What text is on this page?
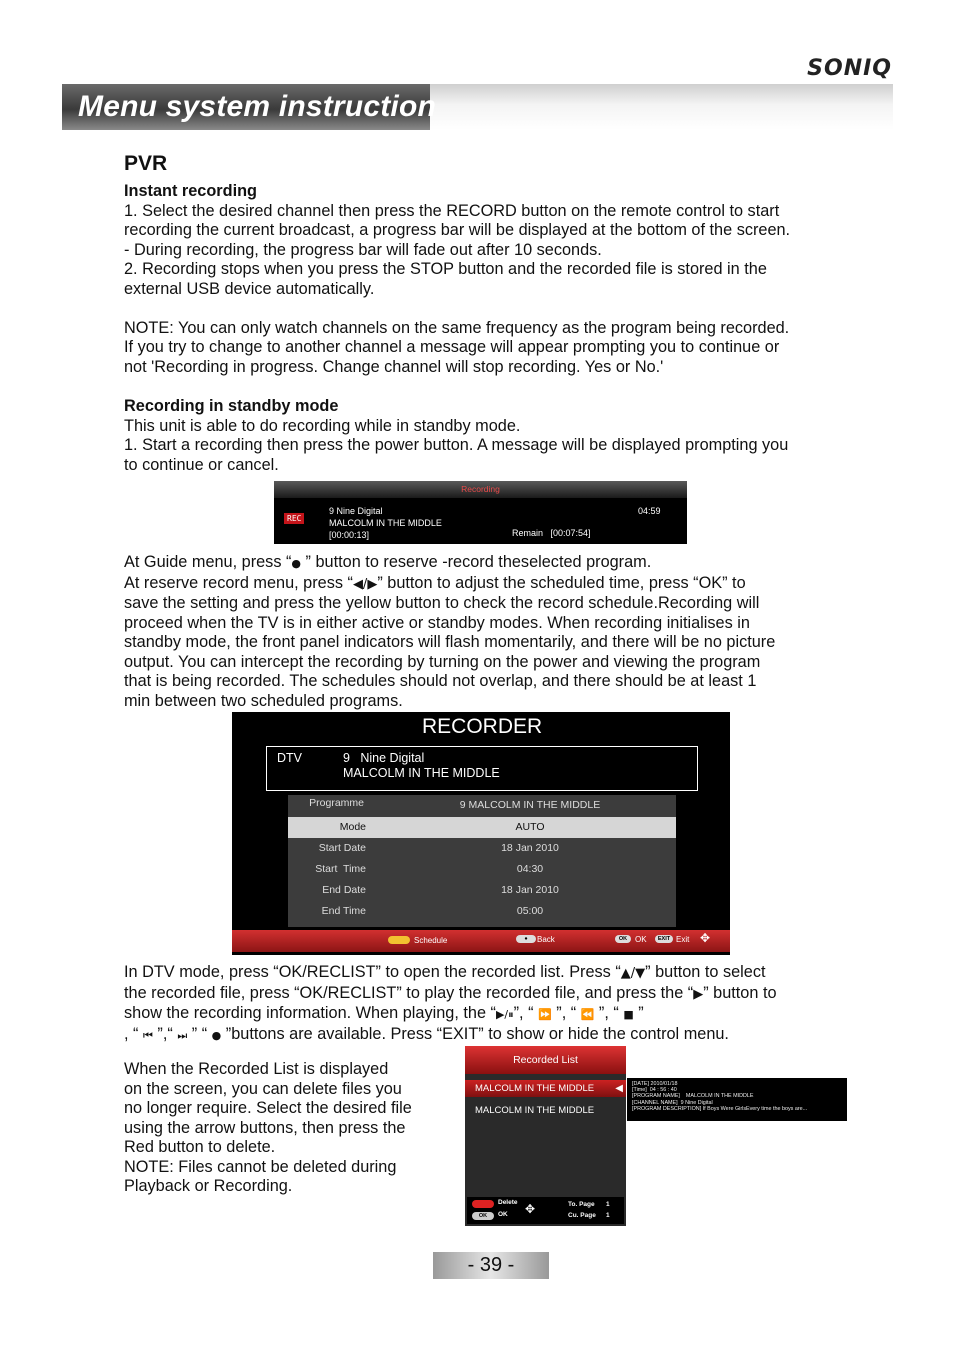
SONIQ
Menu system instruction
PVR

Instant recording

1. Select the desired channel then press the RECORD button on the remote control to start

recording the current broadcast, a progress bar will be displayed at the bottom of the screen.

- During recording, the progress bar will fade out after 10 seconds.

2. Recording stops when you press the STOP button and the recorded file is stored in the

external USB device automatically.

NOTE: You can only watch channels on the same frequency as the program being recorded.

If you try to change to another channel a message will appear prompting you to continue or

not 'Recording in progress. Change channel will stop recording. Yes or No.'

Recording in standby mode

This unit is able to do recording while in standby mode.

1. Start a recording then press the power button. A message will be displayed prompting you

to continue or cancel.

Recording
REC
9 Nine Digital
MALCOLM IN THE MIDDLE
[00:00:13]
04:59
Remain   [00:07:54]

At Guide menu, press “● ” button to reserve -record theselected program.

At reserve record menu, press “◀/▶” button to adjust the scheduled time, press “OK” to

save the setting and press the yellow button to check the record schedule.Recording will

proceed when the TV is in either active or standby modes. When recording initialises in

standby mode, the front panel indicators will flash momentarily, and there will be no picture

output. You can intercept the recording by turning on the power and viewing the program

that is being recorded. The schedules should not overlap, and there should be at least 1

min between two scheduled programs.

RECORDER
DTV	9   Nine Digital
MALCOLM IN THE MIDDLE
Programme	9 MALCOLM IN THE MIDDLE
Mode	AUTO
Start Date	18 Jan 2010
Start  Time	04:30
End Date	18 Jan 2010
End Time	05:00
Schedule	●	Back	OK OK	EXIT Exit ✥

In DTV mode, press “OK/RECLIST” to open the recorded list. Press “▲/▼” button to select

the recorded file, press “OK/RECLIST” to play the recorded file, and press the “▶” button to

show the recording information. When playing, the “▶/⏸”, “ ⏩ ”, “ ⏪ ”, “ ■ ”

, “ ⏮ ”,“ ⏭ ” “ ● ”buttons are available. Press “EXIT” to show or hide the control menu.

When the Recorded List is displayed

on the screen, you can delete files you

no longer require. Select the desired file

using the arrow buttons, then press the

Red button to delete.

NOTE: Files cannot be deleted during

Playback or Recording.

Recorded List
MALCOLM IN THE MIDDLE ◀
MALCOLM IN THE MIDDLE
Delete
OK	OK ✥	To. Page 1
Cu. Page 1
[DATE] 2010/01/18
[Time]  04 : 56 : 40
[PROGRAM NAME]    MALCOLM IN THE MIDDLE
[CHANNEL NAME]  9 Nine Digital
[PROGRAM DESCRIPTION] If Boys Were GirlsEvery time the boys are...
- 39 -
